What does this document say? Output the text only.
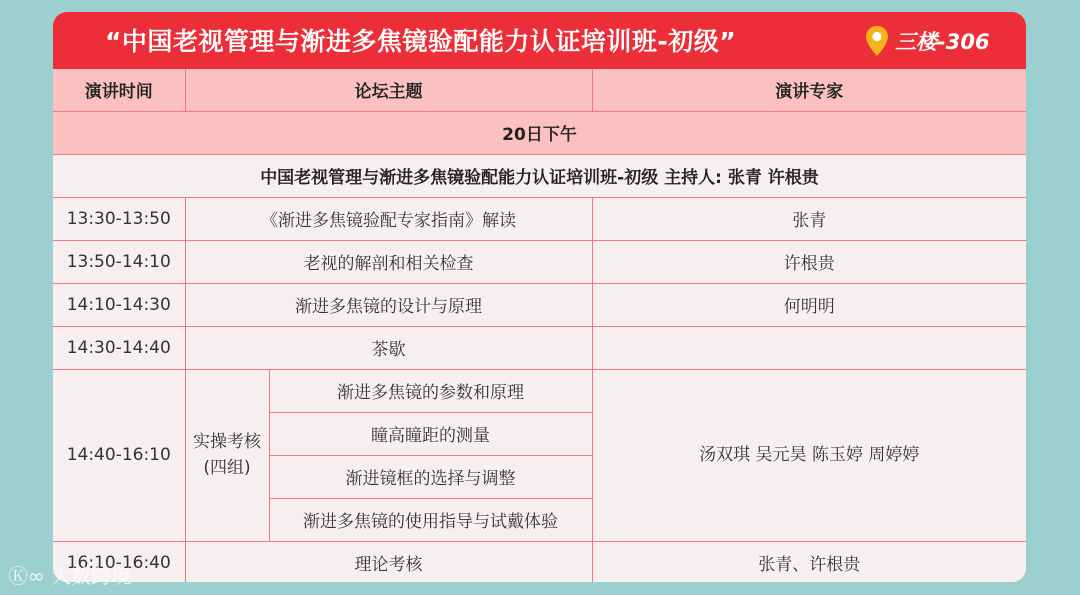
“中国老视管理与渐进多焦镜验配能力认证培训班-初级”	三楼-306
演讲时间	论坛主题		演讲专家
20日下午			
中国老视管理与渐进多焦镜验配能力认证培训班-初级 主持人: 张青 许根贵			
13:30-13:50	《渐进多焦镜验配专家指南》解读		张青
13:50-14:10	老视的解剖和相关检查		许根贵
14:10-14:30	渐进多焦镜的设计与原理		何明明
14:30-14:40	茶歇		
14:40-16:10	实操考核 (四组)	渐进多焦镜的参数和原理	汤双琪 吴元昊 陈玉婷 周婷婷
		瞳高瞳距的测量	
		渐进镜框的选择与调整	
		渐进多焦镜的使用指导与试戴体验	
16:10-16:40	理论考核		张青、许根贵
Ⓚ∞ 大数跨境
